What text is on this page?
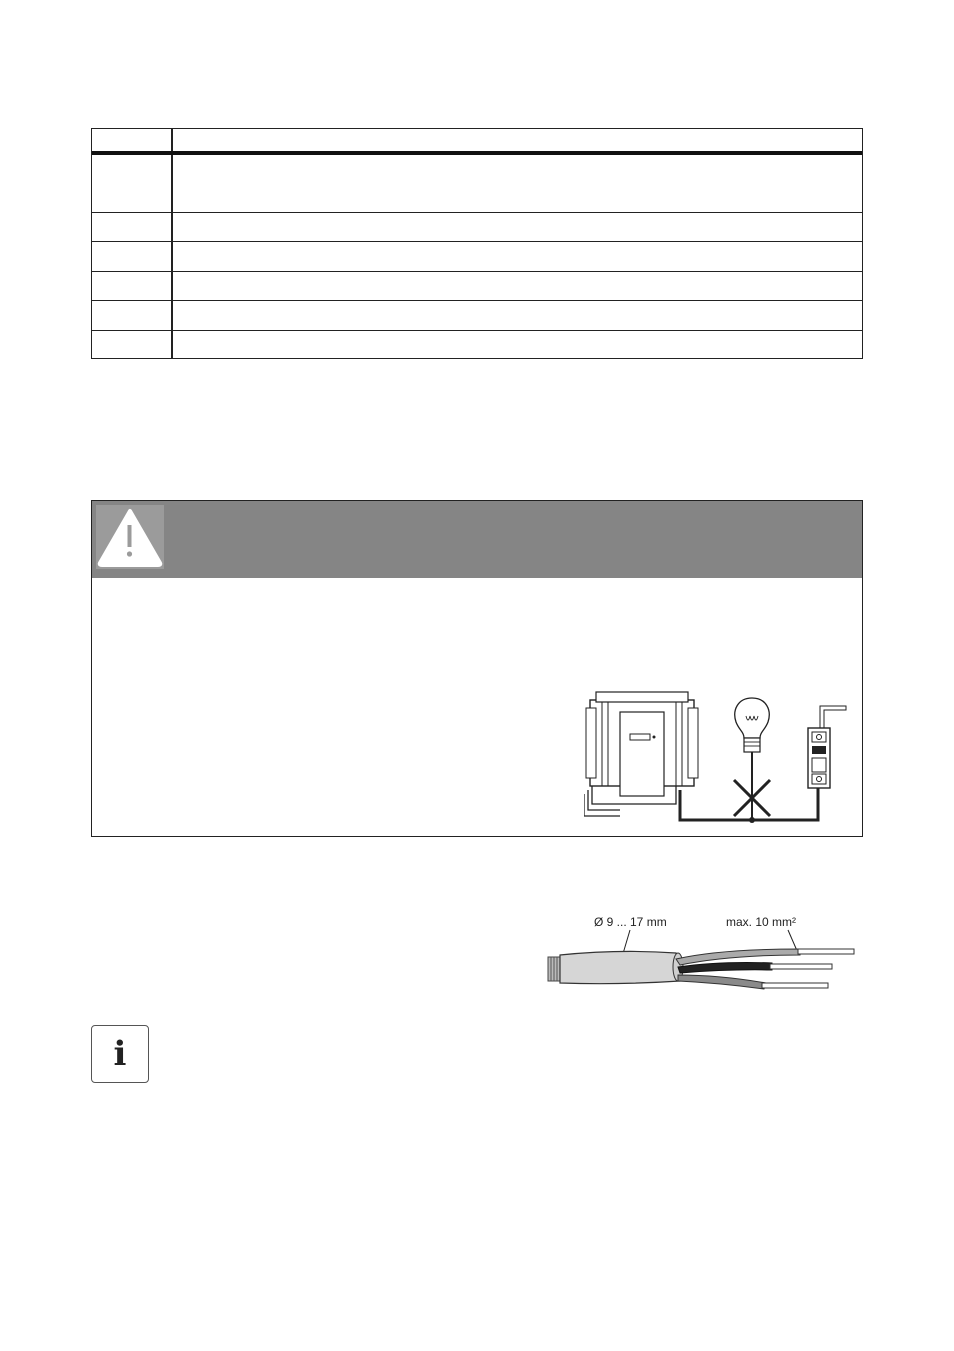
Ø 9 ... 17 mm	max. 10 mm²
i
